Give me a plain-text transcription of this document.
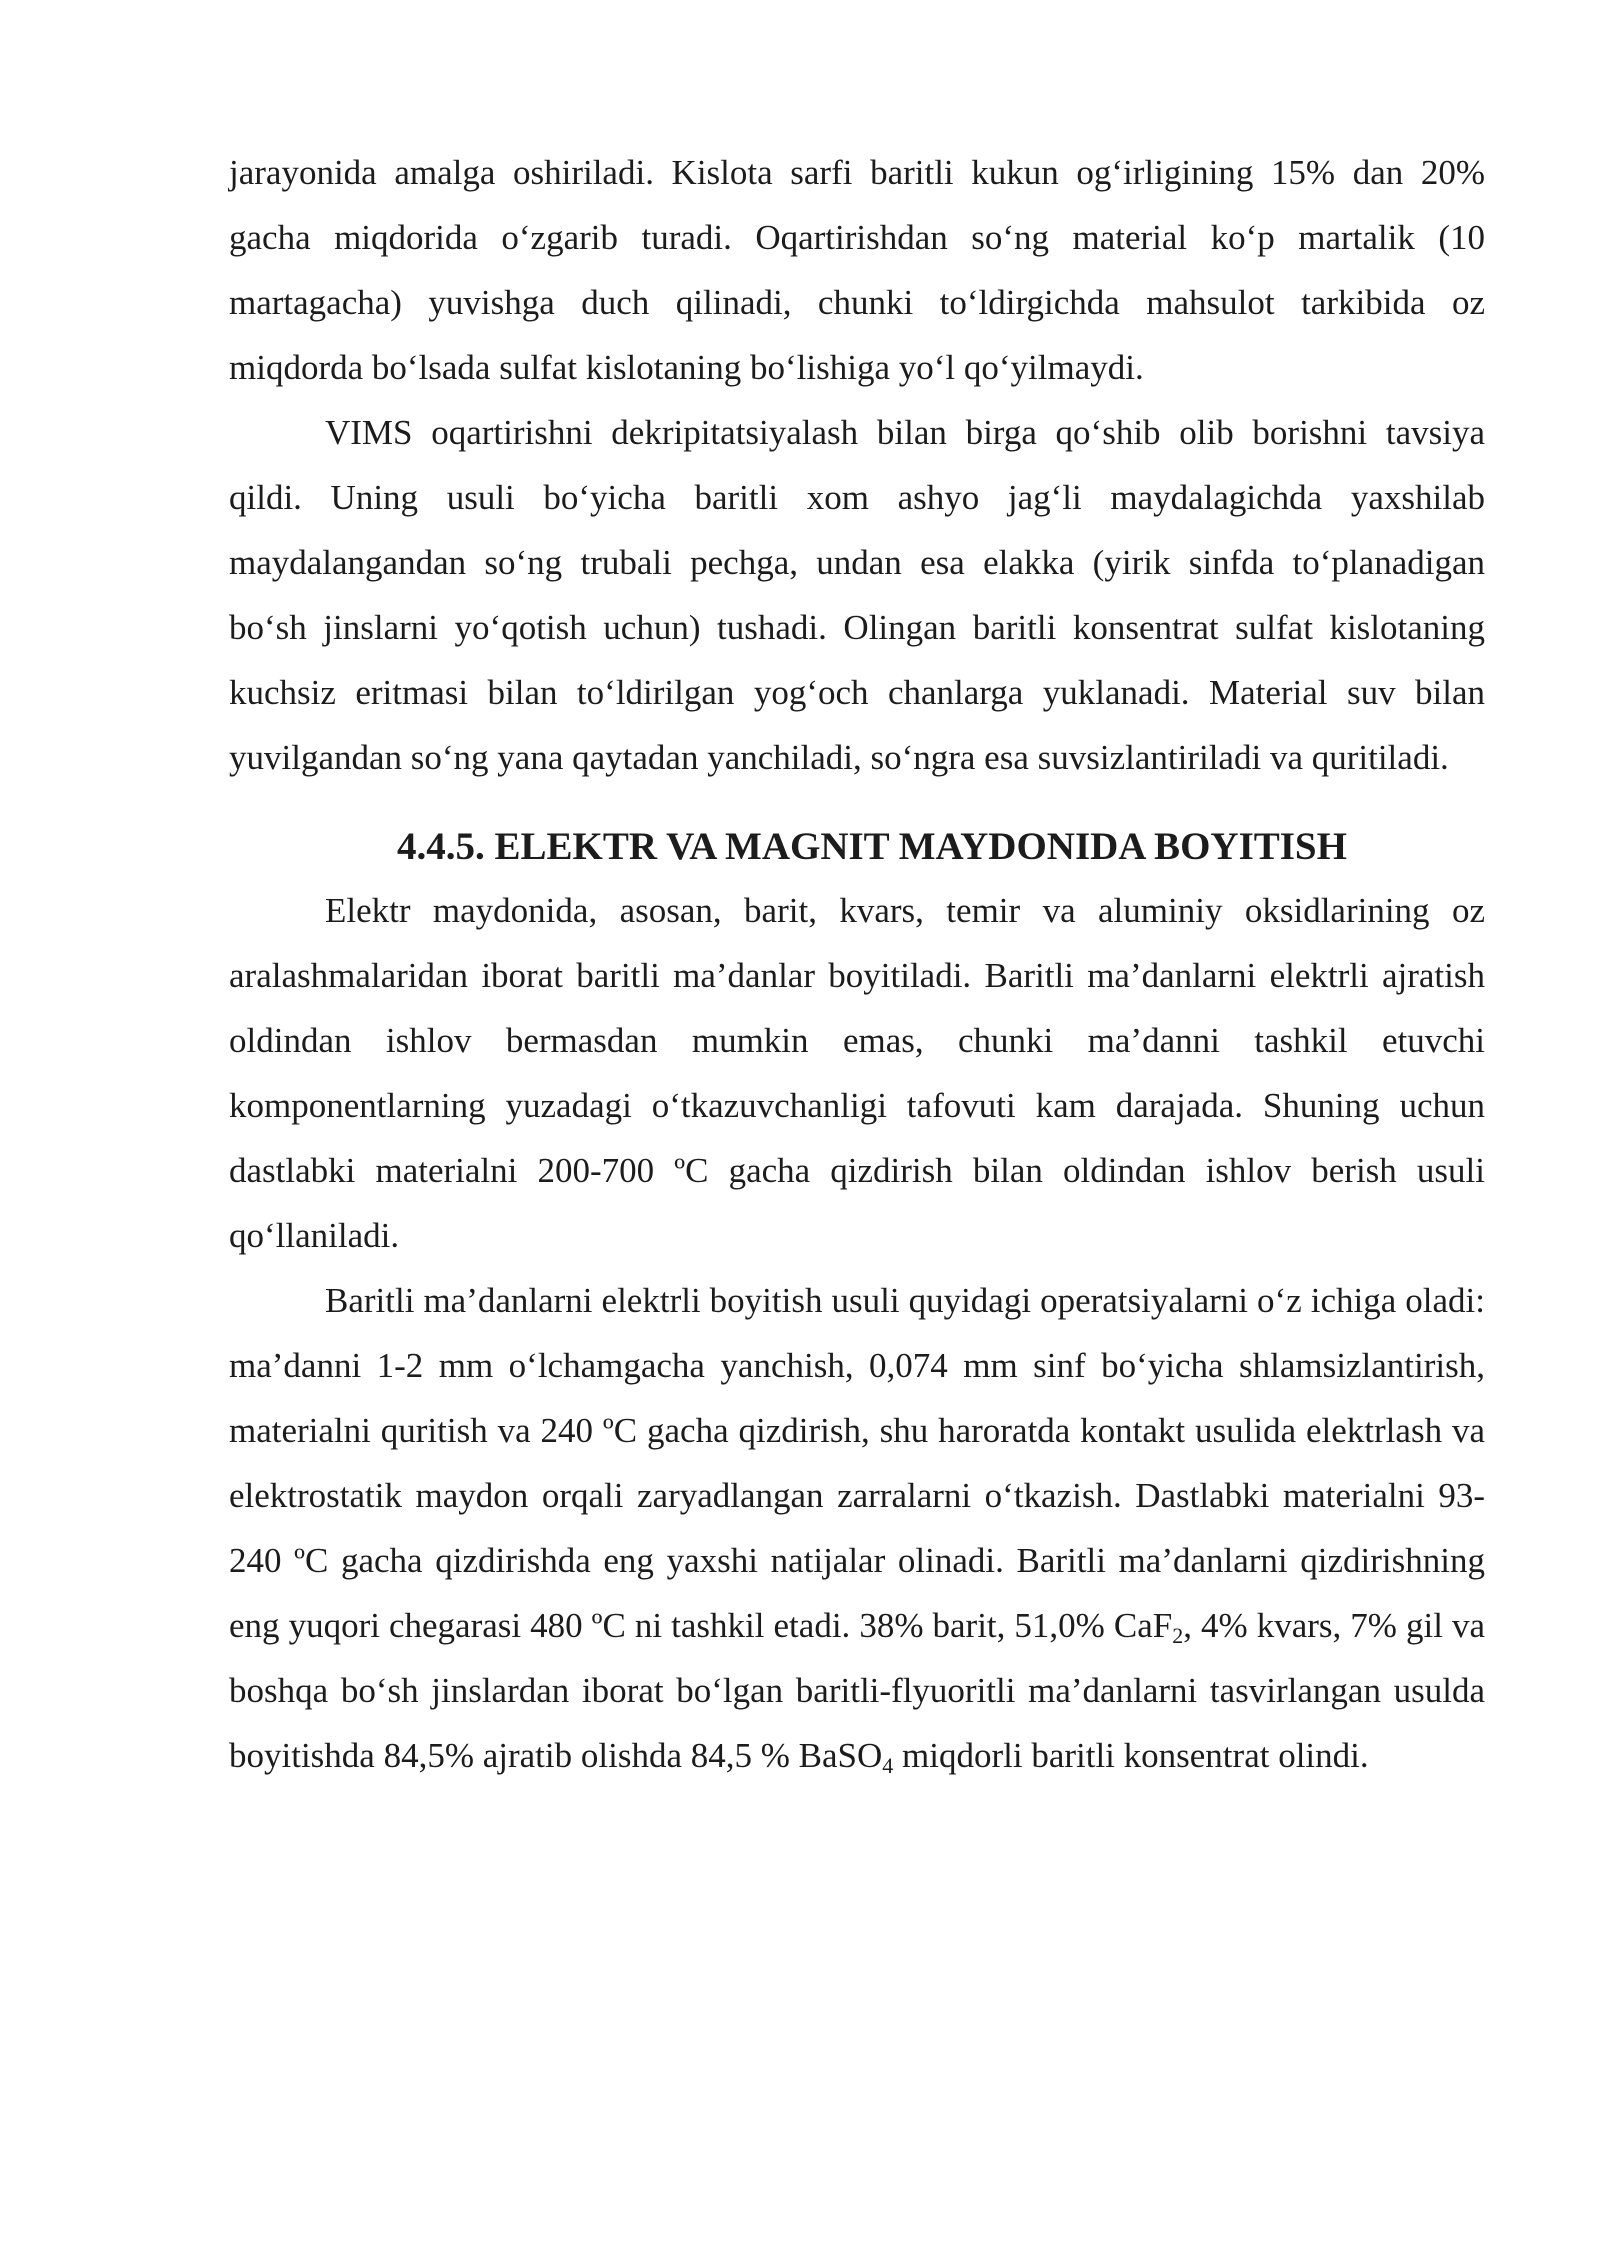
jarayonida amalga oshiriladi. Kislota sarfi baritli kukun og‘irligining 15% dan 20% gacha miqdorida o‘zgarib turadi. Oqartirishdan so‘ng material ko‘p martalik (10 martagacha) yuvishga duch qilinadi, chunki to‘ldirgichda mahsulot tarkibida oz miqdorda bo‘lsada sulfat kislotaning bo‘lishiga yo‘l qo‘yilmaydi.

VIMS oqartirishni dekripitatsiyalash bilan birga qo‘shib olib borishni tavsiya qildi. Uning usuli bo‘yicha baritli xom ashyo jag‘li maydalagichda yaxshilab maydalangandan so‘ng trubali pechga, undan esa elakka (yirik sinfda to‘planadigan bo‘sh jinslarni yo‘qotish uchun) tushadi. Olingan baritli konsentrat sulfat kislotaning kuchsiz eritmasi bilan to‘ldirilgan yog‘och chanlarga yuklanadi. Material suv bilan yuvilgandan so‘ng yana qaytadan yanchiladi, so‘ngra esa suvsizlantiriladi va quritiladi.

4.4.5. ELEKTR VA MAGNIT MAYDONIDA BOYITISH

Elektr maydonida, asosan, barit, kvars, temir va aluminiy oksidlarining oz aralashmalaridan iborat baritli ma’danlar boyitiladi. Baritli ma’danlarni elektrli ajratish oldindan ishlov bermasdan mumkin emas, chunki ma’danni tashkil etuvchi komponentlarning yuzadagi o‘tkazuvchanligi tafovuti kam darajada. Shuning uchun dastlabki materialni 200-700 ºC gacha qizdirish bilan oldindan ishlov berish usuli qo‘llaniladi.

Baritli ma’danlarni elektrli boyitish usuli quyidagi operatsiyalarni o‘z ichiga oladi: ma’danni 1-2 mm o‘lchamgacha yanchish, 0,074 mm sinf bo‘yicha shlamsizlantirish, materialni quritish va 240 ºC gacha qizdirish, shu haroratda kontakt usulida elektrlash va elektrostatik maydon orqali zaryadlangan zarralarni o‘tkazish. Dastlabki materialni 93-240 ºC gacha qizdirishda eng yaxshi natijalar olinadi. Baritli ma’danlarni qizdirishning eng yuqori chegarasi 480 ºC ni tashkil etadi. 38% barit, 51,0% CaF$_2$, 4% kvars, 7% gil va boshqa bo‘sh jinslardan iborat bo‘lgan baritli-flyuoritli ma’danlarni tasvirlangan usulda boyitishda 84,5% ajratib olishda 84,5 % BaSO$_4$ miqdorli baritli konsentrat olindi.
